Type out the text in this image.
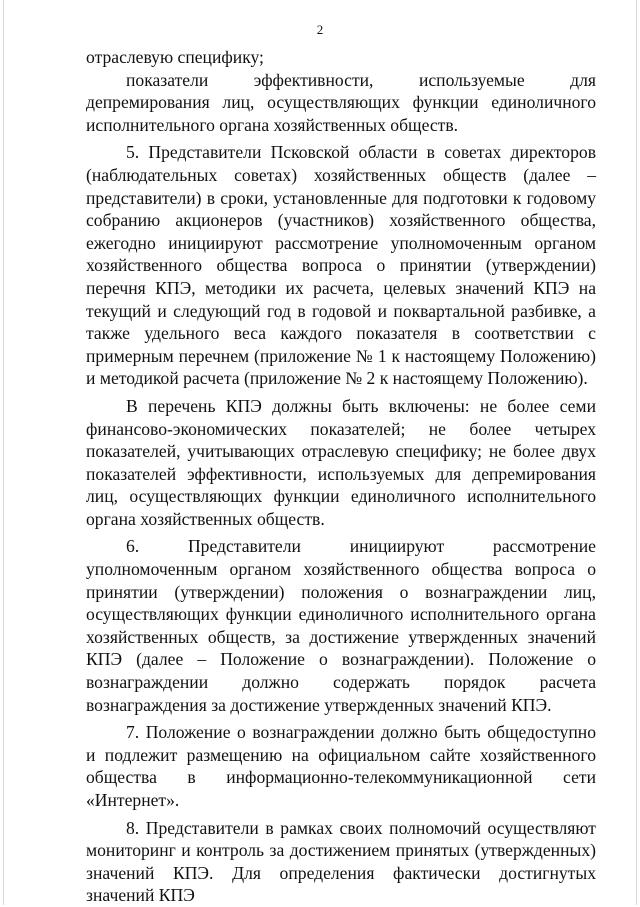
2

отраслевую специфику;

показатели эффективности, используемые для депремирования лиц, осуществляющих функции единоличного исполнительного органа хозяйственных обществ.

5. Представители Псковской области в советах директоров (наблюдательных советах) хозяйственных обществ (далее – представители) в сроки, установленные для подготовки к годовому собранию акционеров (участников) хозяйственного общества, ежегодно инициируют рассмотрение уполномоченным органом хозяйственного общества вопроса о принятии (утверждении) перечня КПЭ, методики их расчета, целевых значений КПЭ на текущий и следующий год в годовой и поквартальной разбивке, а также удельного веса каждого показателя в соответствии с примерным перечнем (приложение № 1 к настоящему Положению) и методикой расчета (приложение № 2 к настоящему Положению).

В перечень КПЭ должны быть включены: не более семи финансово-экономических показателей; не более четырех показателей, учитывающих отраслевую специфику; не более двух показателей эффективности, используемых для депремирования лиц, осуществляющих функции единоличного исполнительного органа хозяйственных обществ.

6. Представители инициируют рассмотрение уполномоченным органом хозяйственного общества вопроса о принятии (утверждении) положения о вознаграждении лиц, осуществляющих функции единоличного исполнительного органа хозяйственных обществ, за достижение утвержденных значений КПЭ (далее – Положение о вознаграждении). Положение о вознаграждении должно содержать порядок расчета вознаграждения за достижение утвержденных значений КПЭ.

7. Положение о вознаграждении должно быть общедоступно и подлежит размещению на официальном сайте хозяйственного общества в информационно-телекоммуникационной сети «Интернет».

8. Представители в рамках своих полномочий осуществляют мониторинг и контроль за достижением принятых (утвержденных) значений КПЭ. Для определения фактически достигнутых значений КПЭ
